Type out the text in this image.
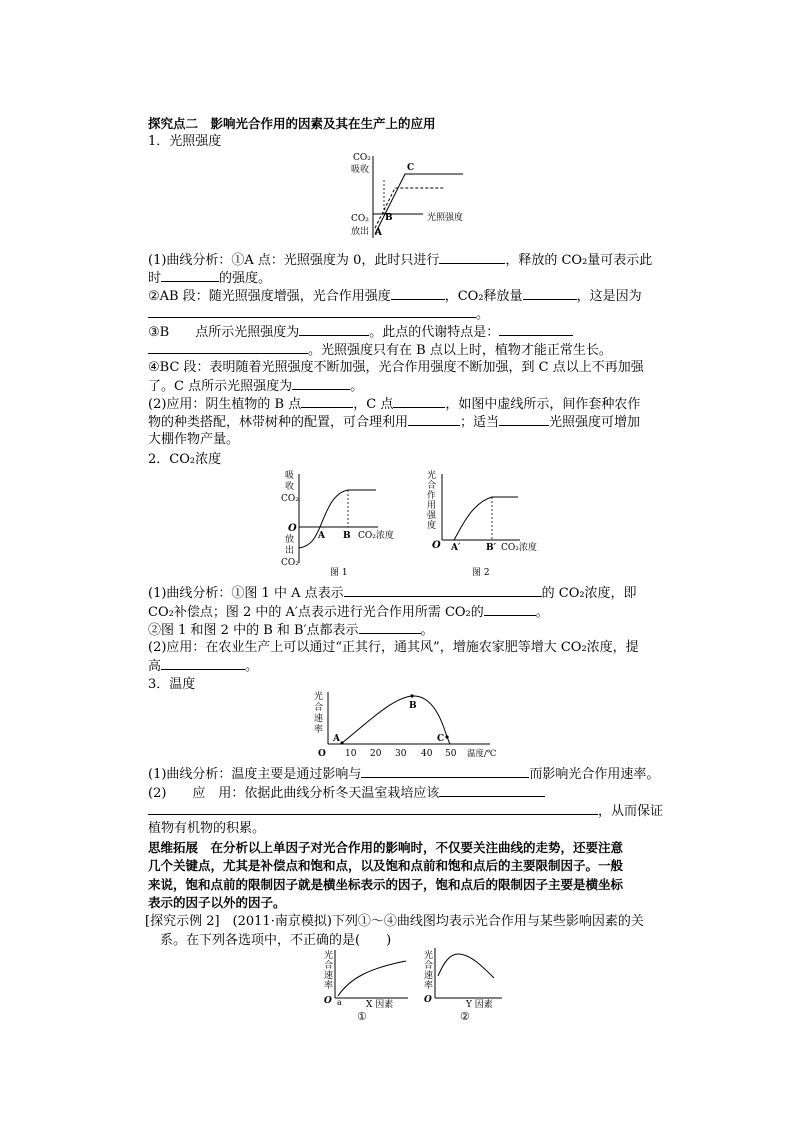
探究点二　影响光合作用的因素及其在生产上的应用
1．光照强度
CO₂
吸收
CO₂
放出
C
B
A
光照强度
(1)曲线分析：①A 点：光照强度为 0，此时只进行	，释放的 CO₂量可表示此
时	的强度。
②AB 段：随光照强度增强，光合作用强度	，CO₂释放量	，这是因为
。
③B　　点所示光照强度为	。此点的代谢特点是：
。光照强度只有在 B 点以上时，植物才能正常生长。
④BC 段：表明随着光照强度不断加强，光合作用强度不断加强，到 C 点以上不再加强
了。C 点所示光照强度为	。
(2)应用：阴生植物的 B 点	，C 点	，如图中虚线所示，间作套种农作
物的种类搭配，林带树种的配置，可合理利用	；适当	光照强度可增加
大棚作物产量。
2．CO₂浓度
吸
收
CO₂
O
放
出
CO₂
A B CO₂浓度
图 1
光
合
作
用
强
度
O A′	B′ CO₂浓度
图 2
(1)曲线分析：①图 1 中 A 点表示	的 CO₂浓度，即
CO₂补偿点；图 2 中的 A′点表示进行光合作用所需 CO₂的	。
②图 1 和图 2 中的 B 和 B′点都表示	。
(2)应用：在农业生产上可以通过“正其行，通其风”，增施农家肥等增大 CO₂浓度，提
高	。
3．温度
光
合
速
率
A
B
C
O 10 20 30 40 50 温度/℃
(1)曲线分析：温度主要是通过影响与	而影响光合作用速率。
(2)　　应　用：依据此曲线分析冬天温室栽培应该
，从而保证
植物有机物的积累。
思维拓展　在分析以上单因子对光合作用的影响时，不仅要关注曲线的走势，还要注意
几个关键点，尤其是补偿点和饱和点，以及饱和点前和饱和点后的主要限制因子。一般
来说，饱和点前的限制因子就是横坐标表示的因子，饱和点后的限制因子主要是横坐标
表示的因子以外的因子。
[探究示例 2]　(2011·南京模拟)下列①～④曲线图均表示光合作用与某些影响因素的关
系。在下列各选项中，不正确的是(　　)
光
合
速
率
O a	X 因素
①
光
合
速
率
O	Y 因素
②
